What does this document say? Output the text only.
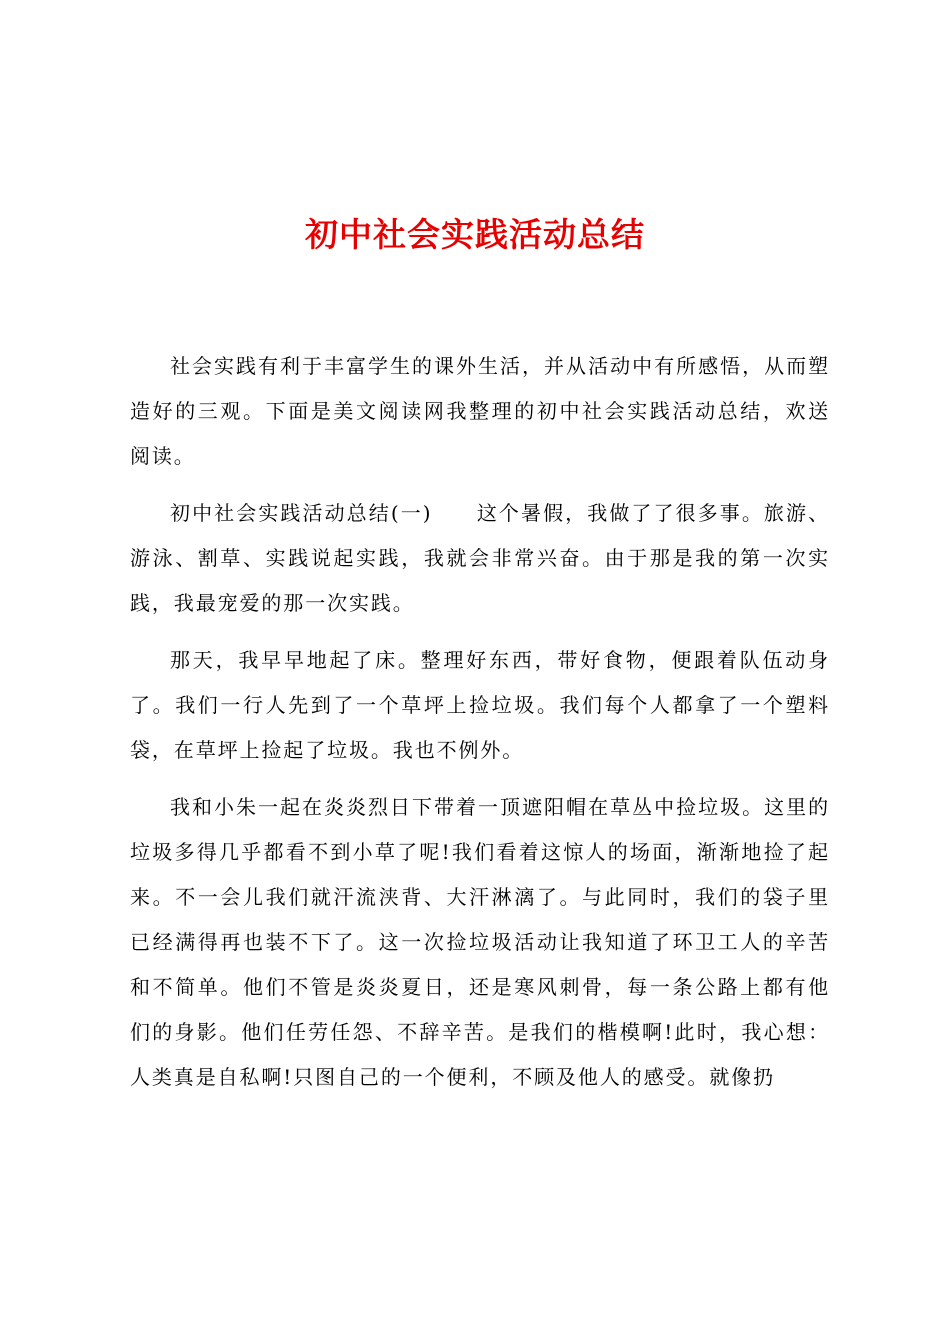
初中社会实践活动总结

社会实践有利于丰富学生的课外生活，并从活动中有所感悟，从而塑造好的三观。下面是美文阅读网我整理的初中社会实践活动总结，欢送阅读。

初中社会实践活动总结(一)　　这个暑假，我做了了很多事。旅游、游泳、割草、实践说起实践，我就会非常兴奋。由于那是我的第一次实践，我最宠爱的那一次实践。

那天，我早早地起了床。整理好东西，带好食物，便跟着队伍动身了。我们一行人先到了一个草坪上捡垃圾。我们每个人都拿了一个塑料袋，在草坪上捡起了垃圾。我也不例外。

我和小朱一起在炎炎烈日下带着一顶遮阳帽在草丛中捡垃圾。这里的垃圾多得几乎都看不到小草了呢!我们看着这惊人的场面，渐渐地捡了起来。不一会儿我们就汗流浃背、大汗淋漓了。与此同时，我们的袋子里已经满得再也装不下了。这一次捡垃圾活动让我知道了环卫工人的辛苦和不简单。他们不管是炎炎夏日，还是寒风刺骨，每一条公路上都有他们的身影。他们任劳任怨、不辞辛苦。是我们的楷模啊!此时，我心想：人类真是自私啊!只图自己的一个便利，不顾及他人的感受。就像扔
